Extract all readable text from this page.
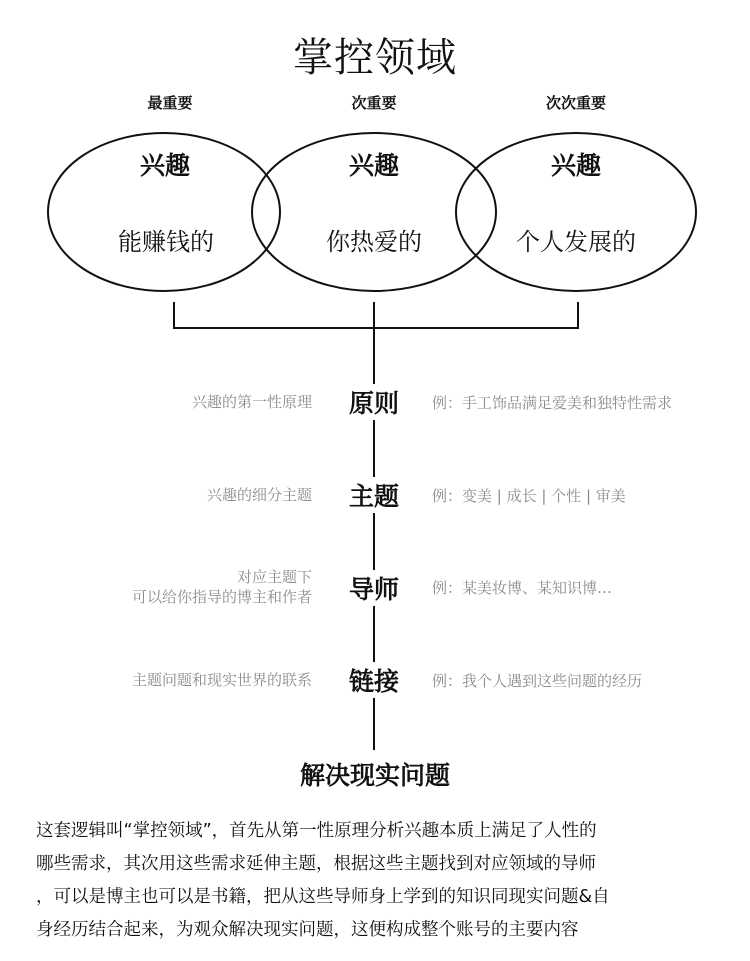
掌控领域
最重要	次重要	次次重要
兴趣	兴趣	兴趣
能赚钱的	你热爱的	个人发展的
兴趣的第一性原理	原则	例：手工饰品满足爱美和独特性需求
兴趣的细分主题	主题	例：变美 | 成长 | 个性 | 审美
对应主题下
可以给你指导的博主和作者	导师	例：某美妆博、某知识博…
主题问题和现实世界的联系	链接	例：我个人遇到这些问题的经历
解决现实问题
这套逻辑叫“掌控领域”，首先从第一性原理分析兴趣本质上满足了人性的
哪些需求，其次用这些需求延伸主题，根据这些主题找到对应领域的导师
，可以是博主也可以是书籍，把从这些导师身上学到的知识同现实问题&自
身经历结合起来，为观众解决现实问题，这便构成整个账号的主要内容
